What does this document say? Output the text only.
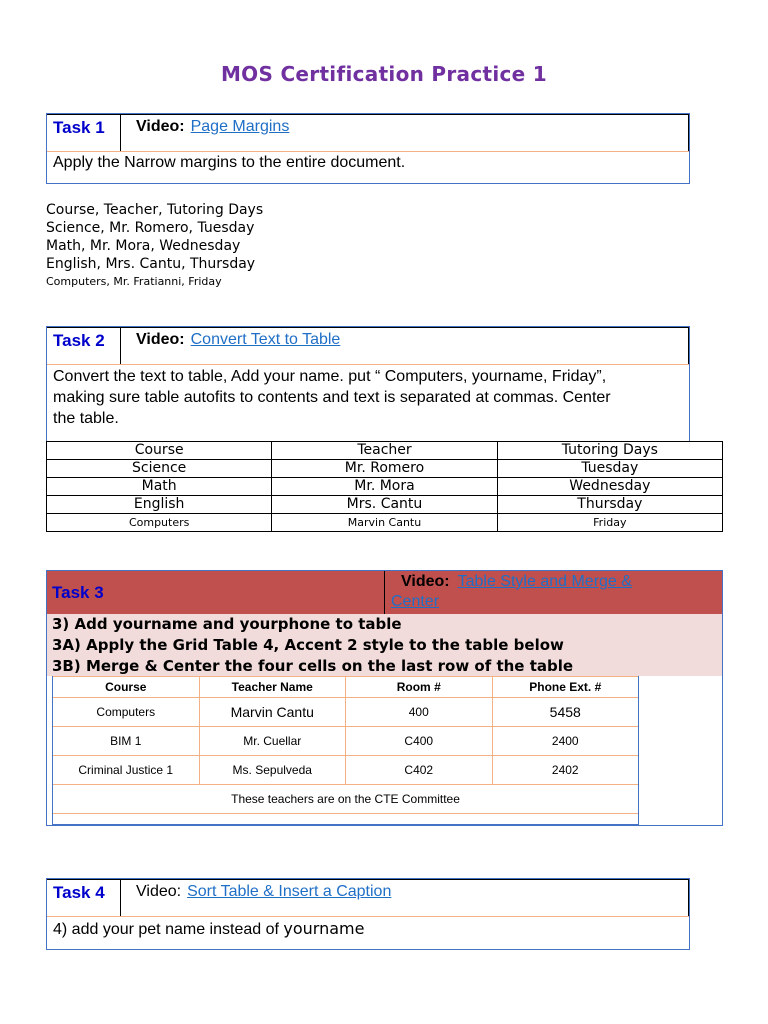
MOS Certification Practice 1
Task 1 Video: Page Margins
Apply the Narrow margins to the entire document.
Course, Teacher, Tutoring Days
Science, Mr. Romero, Tuesday
Math, Mr. Mora, Wednesday
English, Mrs. Cantu, Thursday
Computers, Mr. Fratianni, Friday
Task 2 Video: Convert Text to Table
Convert the text to table, Add your name. put “ Computers, yourname, Friday”,
making sure table autofits to contents and text is separated at commas. Center
the table.
Course	Teacher	Tutoring Days
Science	Mr. Romero	Tuesday
Math	Mr. Mora	Wednesday
English	Mrs. Cantu	Thursday
Computers	Marvin Cantu	Friday
Task 3
Video: Table Style and Merge &
Center
3) Add yourname and yourphone to table
3A) Apply the Grid Table 4, Accent 2 style to the table below
3B) Merge & Center the four cells on the last row of the table
Course	Teacher Name	Room #	Phone Ext. #
Computers	Marvin Cantu	400	5458
BIM 1	Mr. Cuellar	C400	2400
Criminal Justice 1	Ms. Sepulveda	C402	2402
These teachers are on the CTE Committee			
Task 4 Video: Sort Table & Insert a Caption
4) add your pet name instead of yourname
